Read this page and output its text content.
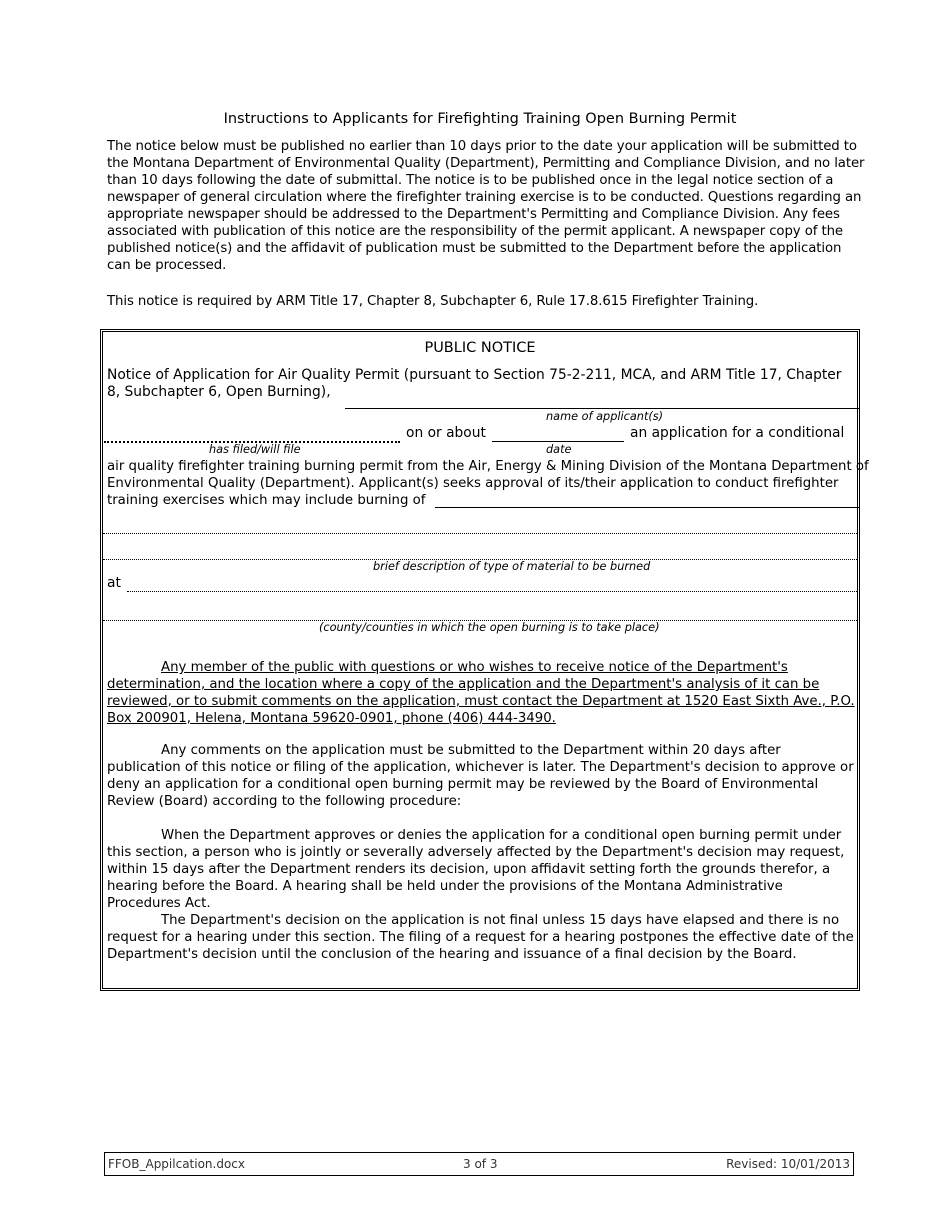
Instructions to Applicants for Firefighting Training Open Burning Permit

The notice below must be published no earlier than 10 days prior to the date your application will be submitted to the Montana Department of Environmental Quality (Department), Permitting and Compliance Division, and no later than 10 days following the date of submittal. The notice is to be published once in the legal notice section of a newspaper of general circulation where the firefighter training exercise is to be conducted. Questions regarding an appropriate newspaper should be addressed to the Department's Permitting and Compliance Division. Any fees associated with publication of this notice are the responsibility of the permit applicant. A newspaper copy of the published notice(s) and the affidavit of publication must be submitted to the Department before the application can be processed.

This notice is required by ARM Title 17, Chapter 8, Subchapter 6, Rule 17.8.615 Firefighter Training.

PUBLIC NOTICE
Notice of Application for Air Quality Permit (pursuant to Section 75-2-211, MCA, and ARM Title 17, Chapter
8, Subchapter 6, Open Burning),
name of applicant(s)
on or about	an application for a conditional
has filed/will file	date
air quality firefighter training burning permit from the Air, Energy & Mining Division of the Montana Department of
Environmental Quality (Department). Applicant(s) seeks approval of its/their application to conduct firefighter
training exercises which may include burning of
brief description of type of material to be burned
at
(county/counties in which the open burning is to take place)

Any member of the public with questions or who wishes to receive notice of the Department's determination, and the location where a copy of the application and the Department's analysis of it can be reviewed, or to submit comments on the application, must contact the Department at 1520 East Sixth Ave., P.O. Box 200901, Helena, Montana 59620-0901, phone (406) 444-3490.

Any comments on the application must be submitted to the Department within 20 days after publication of this notice or filing of the application, whichever is later. The Department's decision to approve or deny an application for a conditional open burning permit may be reviewed by the Board of Environmental Review (Board) according to the following procedure:

When the Department approves or denies the application for a conditional open burning permit under this section, a person who is jointly or severally adversely affected by the Department's decision may request, within 15 days after the Department renders its decision, upon affidavit setting forth the grounds therefor, a hearing before the Board. A hearing shall be held under the provisions of the Montana Administrative Procedures Act.

The Department's decision on the application is not final unless 15 days have elapsed and there is no request for a hearing under this section. The filing of a request for a hearing postpones the effective date of the Department's decision until the conclusion of the hearing and issuance of a final decision by the Board.

FFOB_Appilcation.docx	3 of 3	Revised: 10/01/2013
